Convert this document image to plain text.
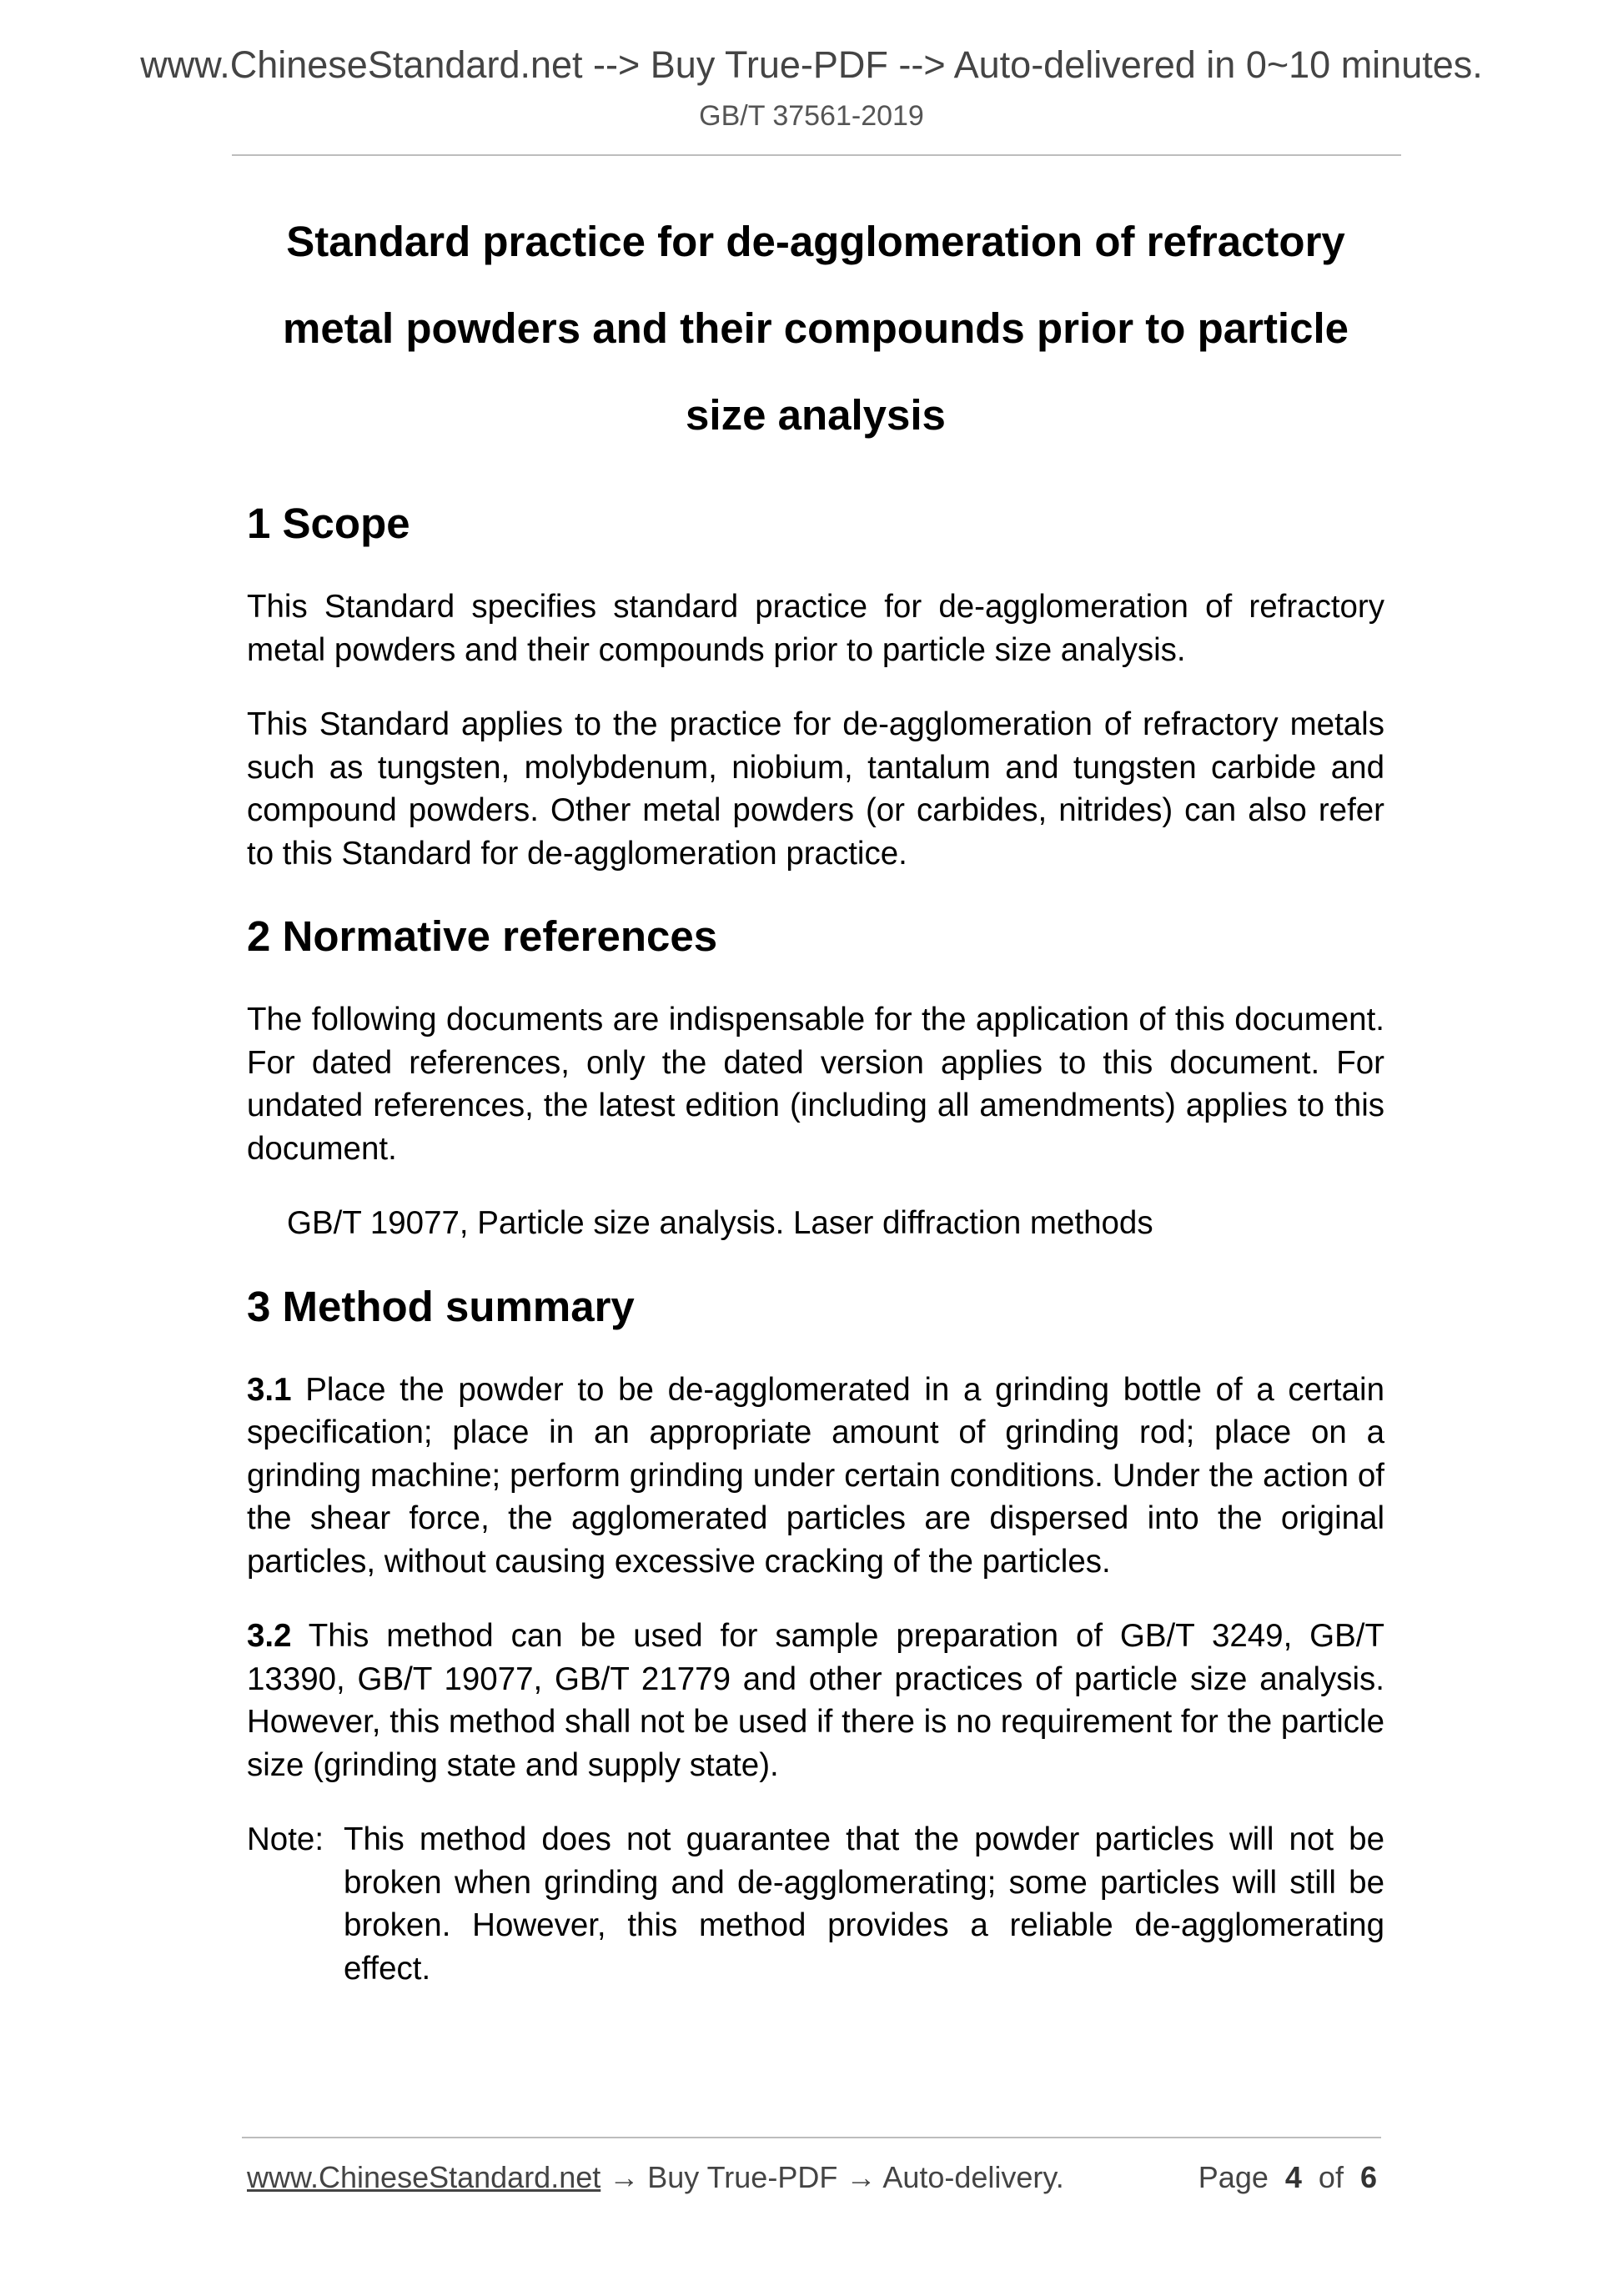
www.ChineseStandard.net --> Buy True-PDF --> Auto-delivered in 0~10 minutes.
GB/T 37561-2019
Standard practice for de-agglomeration of refractory
metal powders and their compounds prior to particle
size analysis
1 Scope

This Standard specifies standard practice for de-agglomeration of refractory metal powders and their compounds prior to particle size analysis.

This Standard applies to the practice for de-agglomeration of refractory metals such as tungsten, molybdenum, niobium, tantalum and tungsten carbide and compound powders. Other metal powders (or carbides, nitrides) can also refer to this Standard for de-agglomeration practice.

2 Normative references

The following documents are indispensable for the application of this document. For dated references, only the dated version applies to this document. For undated references, the latest edition (including all amendments) applies to this document.

GB/T 19077, Particle size analysis. Laser diffraction methods

3 Method summary

3.1 Place the powder to be de-agglomerated in a grinding bottle of a certain specification; place in an appropriate amount of grinding rod; place on a grinding machine; perform grinding under certain conditions. Under the action of the shear force, the agglomerated particles are dispersed into the original particles, without causing excessive cracking of the particles.

3.2 This method can be used for sample preparation of GB/T 3249, GB/T 13390, GB/T 19077, GB/T 21779 and other practices of particle size analysis. However, this method shall not be used if there is no requirement for the particle size (grinding state and supply state).

Note: This method does not guarantee that the powder particles will not be broken when grinding and de-agglomerating; some particles will still be broken. However, this method provides a reliable de-agglomerating effect.

www.ChineseStandard.net → Buy True-PDF → Auto-delivery.	Page 4 of 6
